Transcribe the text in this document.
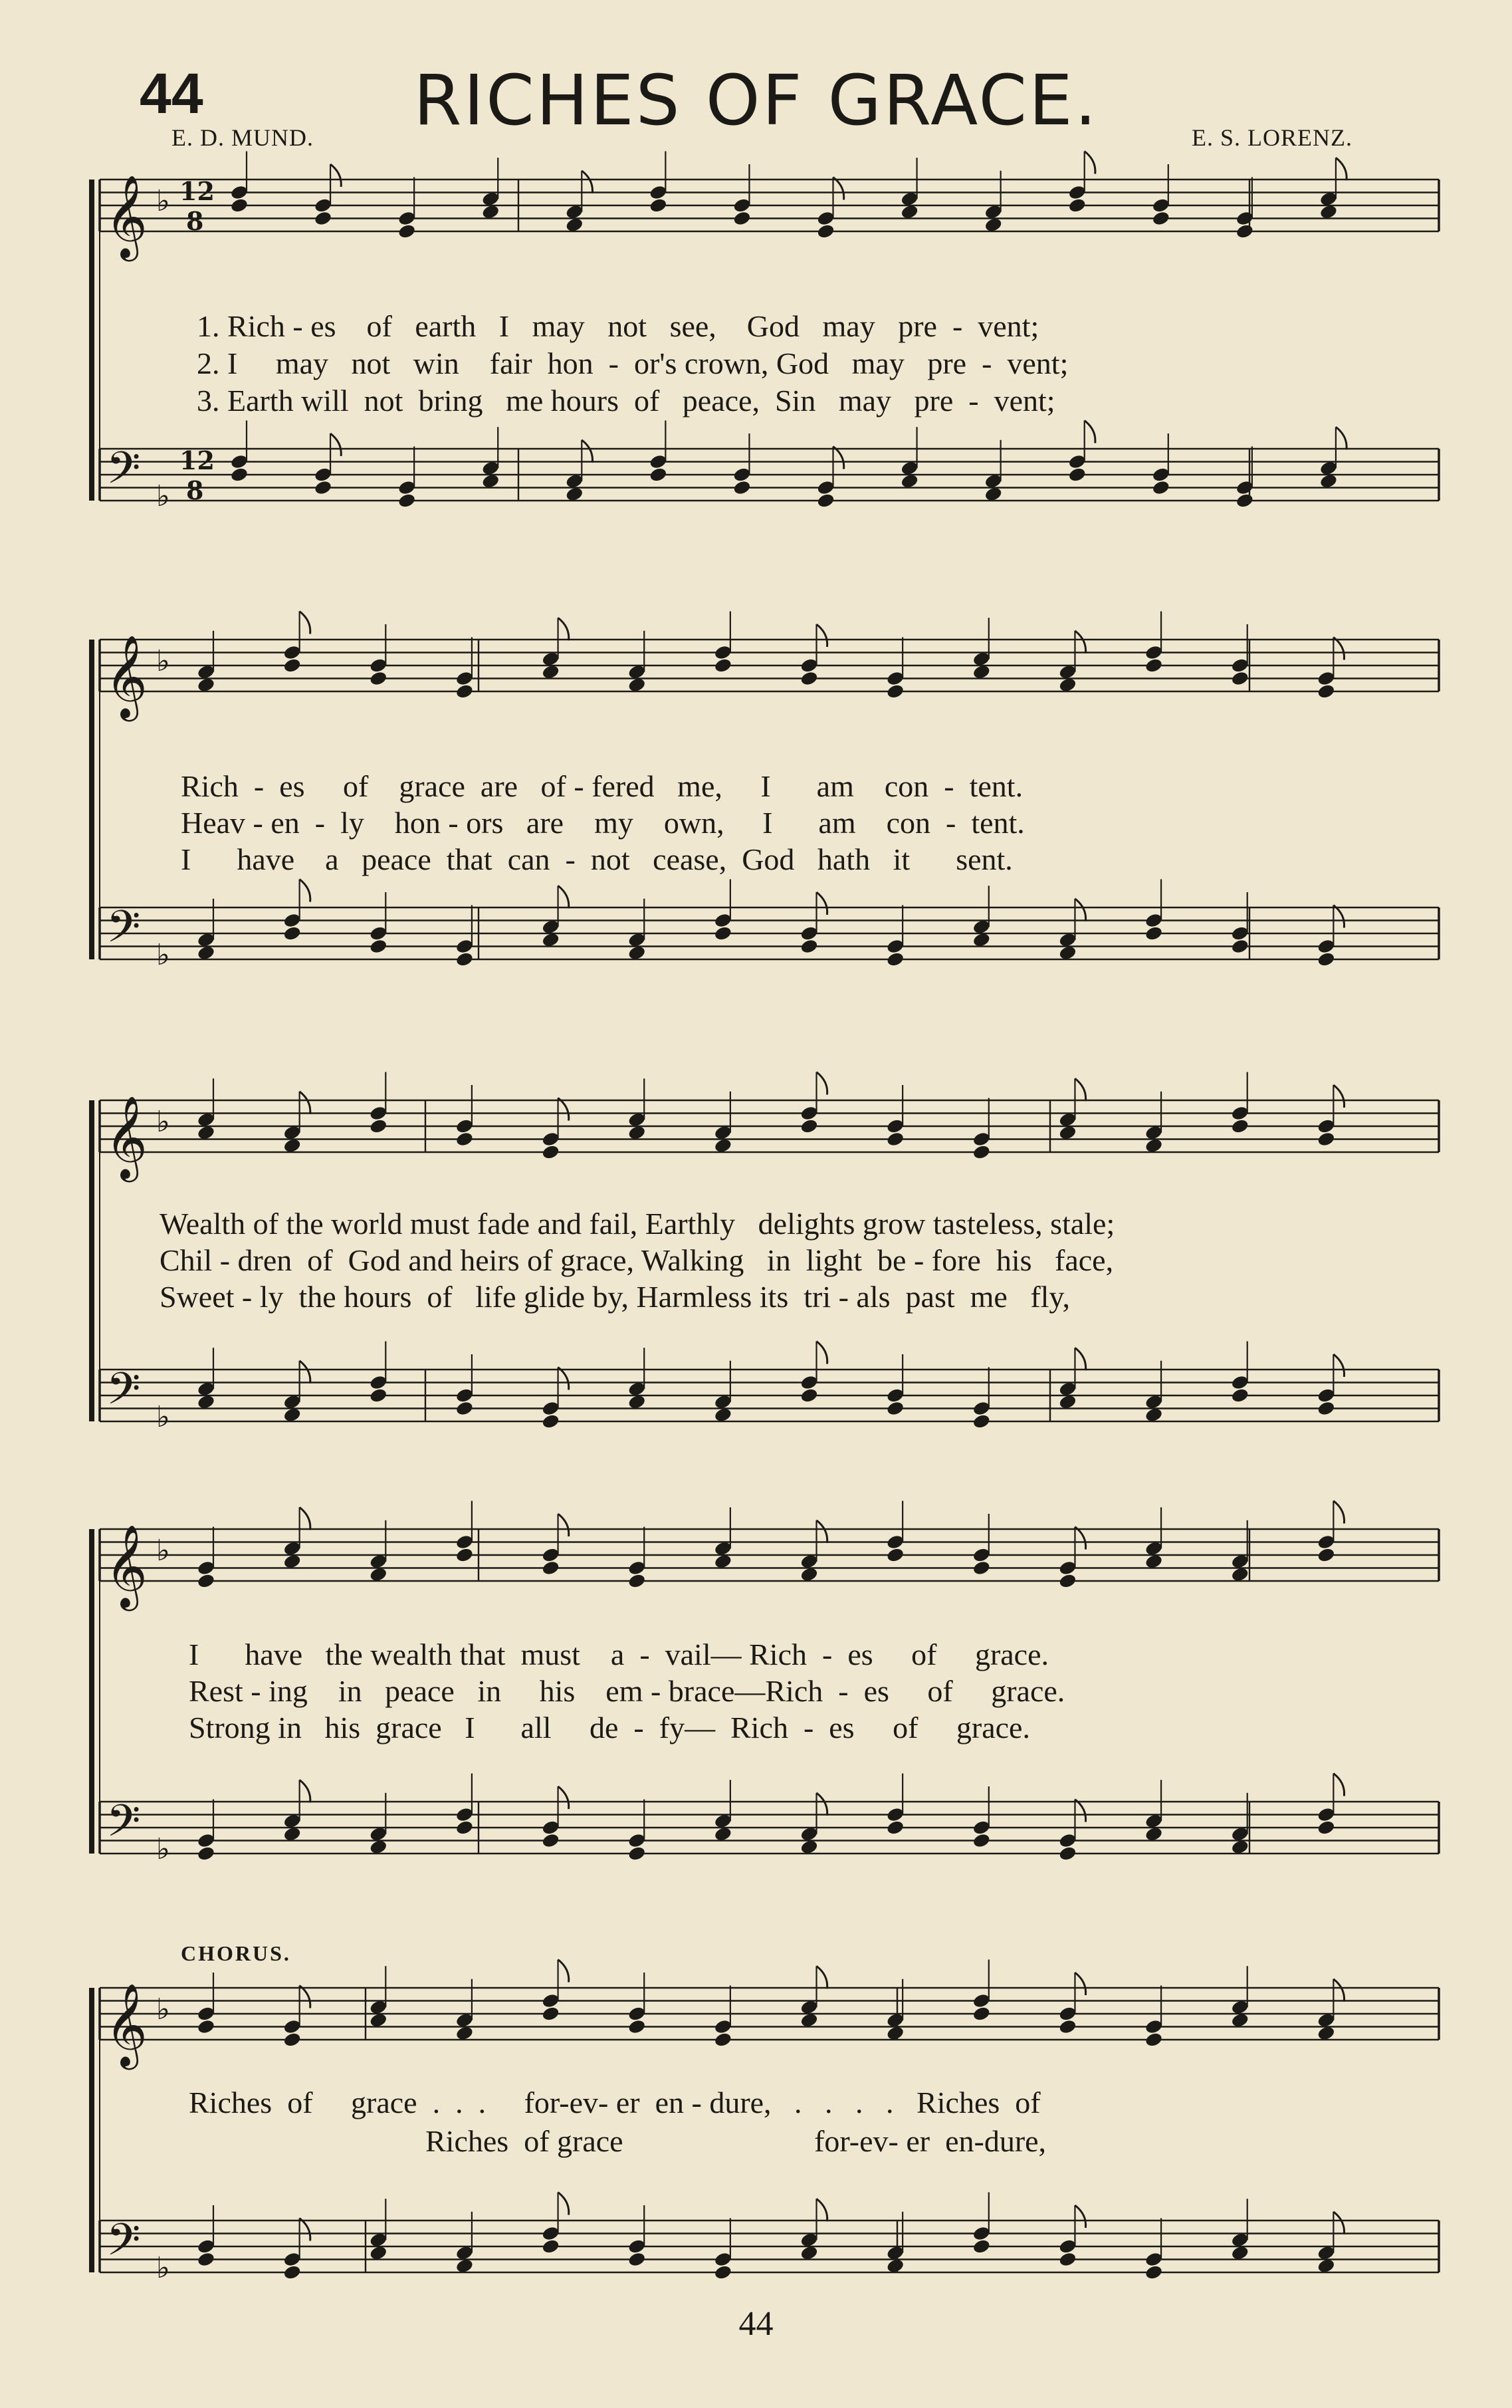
44	RICHES OF GRACE.
E. D. MUND.	E. S. LORENZ.
𝄞 ♭ 12
8
𝄢 ♭
12
8
𝄞 ♭
𝄢 ♭
𝄞 ♭
𝄢 ♭
𝄞 ♭
𝄢 ♭
𝄞 ♭
𝄢 ♭
1. Rich - es    of   earth   I   may   not   see,    God   may   pre  -  vent;
2. I     may   not   win    fair  hon  -  or's crown, God   may   pre  -  vent;
3. Earth will  not  bring   me hours  of   peace,  Sin   may   pre  -  vent;
Rich  -  es     of    grace  are   of - fered   me,     I      am    con  -  tent.
Heav - en  -  ly    hon - ors   are    my    own,     I      am    con  -  tent.
I      have    a   peace  that  can  -  not   cease,  God   hath   it      sent.
Wealth of the world must fade and fail, Earthly   delights grow tasteless, stale;
Chil - dren  of  God and heirs of grace, Walking   in  light  be - fore  his   face,
Sweet - ly  the hours  of   life glide by, Harmless its  tri - als  past  me   fly,
I      have   the wealth that  must    a  -  vail— Rich  -  es     of     grace.
Rest - ing    in   peace   in     his    em - brace—Rich  -  es     of     grace.
Strong in   his  grace   I      all     de  -  fy—  Rich  -  es     of     grace.
CHORUS.
Riches  of     grace  .  .  .     for-ev- er  en - dure,   .   .   .   .   Riches  of
Riches  of grace                         for-ev- er  en-dure,
44
